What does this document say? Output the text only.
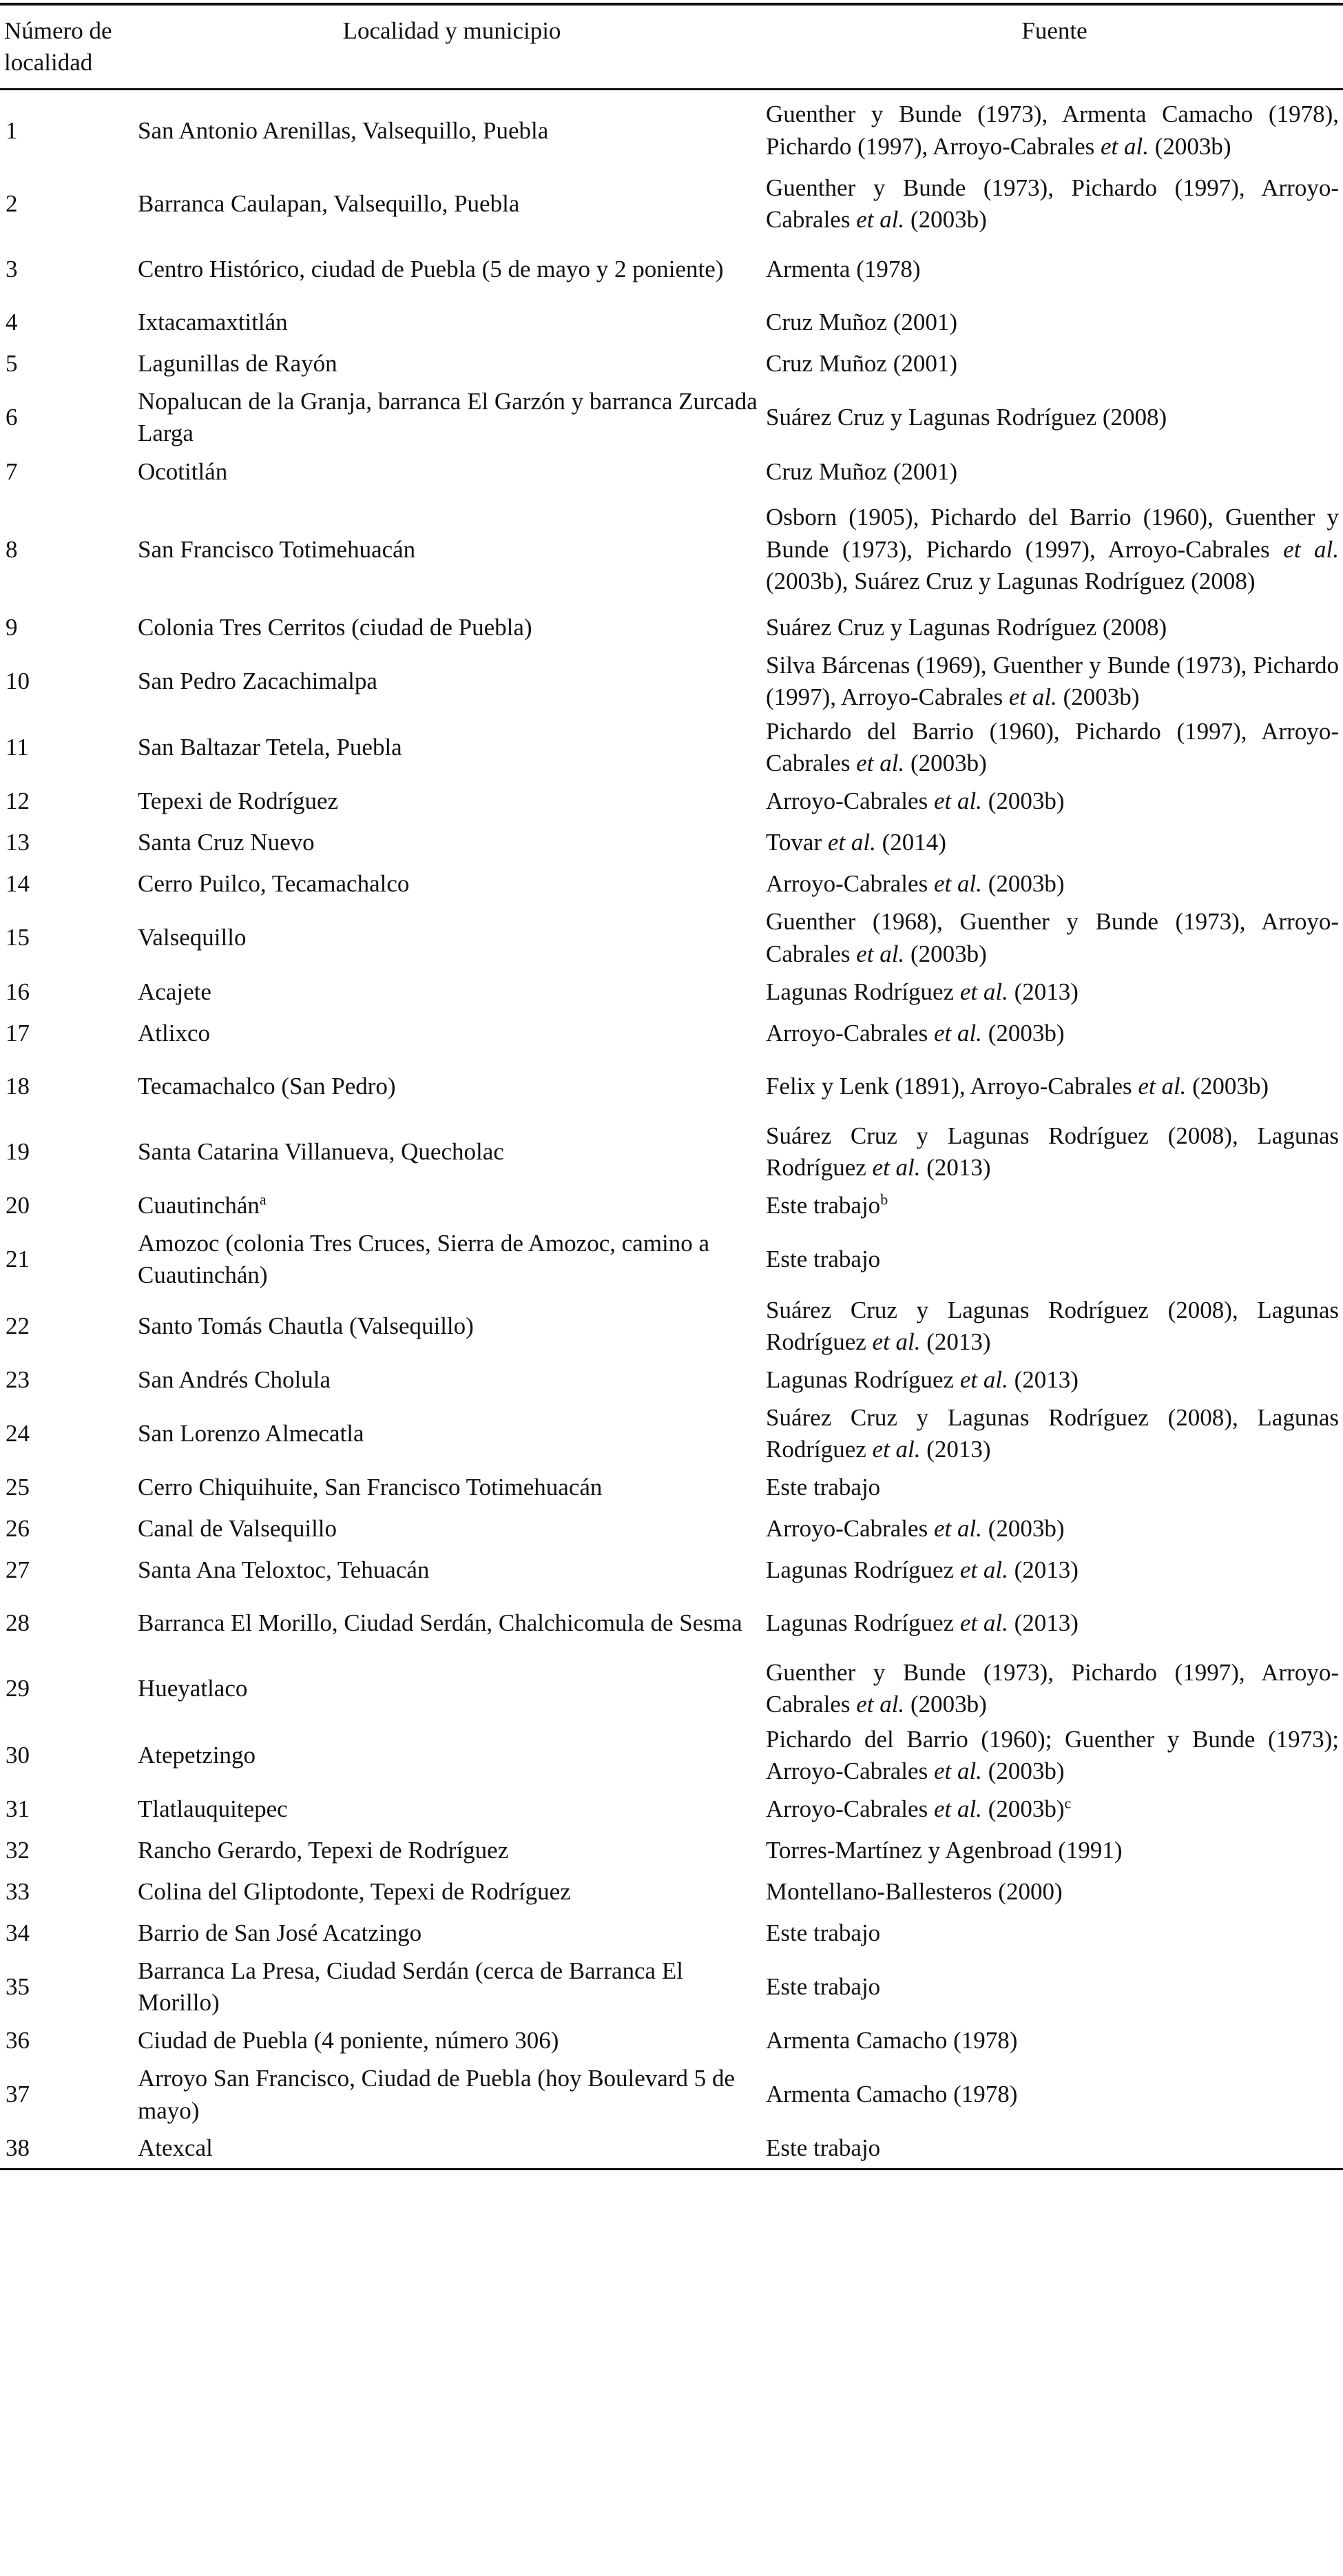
Número de localidad	Localidad y municipio	Fuente
1	San Antonio Arenillas, Valsequillo, Puebla	Guenther y Bunde (1973), Armenta Camacho (1978), Pichardo (1997), Arroyo-Cabrales et al. (2003b)
2	Barranca Caulapan, Valsequillo, Puebla	Guenther y Bunde (1973), Pichardo (1997), Arroyo-Cabrales et al. (2003b)
3	Centro Histórico, ciudad de Puebla (5 de mayo y 2 poniente)	Armenta (1978)
4	Ixtacamaxtitlán	Cruz Muñoz (2001)
5	Lagunillas de Rayón	Cruz Muñoz (2001)
6	Nopalucan de la Granja, barranca El Garzón y barranca Zurcada Larga	Suárez Cruz y Lagunas Rodríguez (2008)
7	Ocotitlán	Cruz Muñoz (2001)
8	San Francisco Totimehuacán	Osborn (1905), Pichardo del Barrio (1960), Guenther y Bunde (1973), Pichardo (1997), Arroyo-Cabrales et al. (2003b), Suárez Cruz y Lagunas Rodríguez (2008)
9	Colonia Tres Cerritos (ciudad de Puebla)	Suárez Cruz y Lagunas Rodríguez (2008)
10	San Pedro Zacachimalpa	Silva Bárcenas (1969), Guenther y Bunde (1973), Pichardo (1997), Arroyo-Cabrales et al. (2003b)
11	San Baltazar Tetela, Puebla	Pichardo del Barrio (1960), Pichardo (1997), Arroyo-Cabrales et al. (2003b)
12	Tepexi de Rodríguez	Arroyo-Cabrales et al. (2003b)
13	Santa Cruz Nuevo	Tovar et al. (2014)
14	Cerro Puilco, Tecamachalco	Arroyo-Cabrales et al. (2003b)
15	Valsequillo	Guenther (1968), Guenther y Bunde (1973), Arroyo-Cabrales et al. (2003b)
16	Acajete	Lagunas Rodríguez et al. (2013)
17	Atlixco	Arroyo-Cabrales et al. (2003b)
18	Tecamachalco (San Pedro)	Felix y Lenk (1891), Arroyo-Cabrales et al. (2003b)
19	Santa Catarina Villanueva, Quecholac	Suárez Cruz y Lagunas Rodríguez (2008), Lagunas Rodríguez et al. (2013)
20	Cuautinchán$^a$	Este trabajo$^b$
21	Amozoc (colonia Tres Cruces, Sierra de Amozoc, camino a Cuautinchán)	Este trabajo
22	Santo Tomás Chautla (Valsequillo)	Suárez Cruz y Lagunas Rodríguez (2008), Lagunas Rodríguez et al. (2013)
23	San Andrés Cholula	Lagunas Rodríguez et al. (2013)
24	San Lorenzo Almecatla	Suárez Cruz y Lagunas Rodríguez (2008), Lagunas Rodríguez et al. (2013)
25	Cerro Chiquihuite, San Francisco Totimehuacán	Este trabajo
26	Canal de Valsequillo	Arroyo-Cabrales et al. (2003b)
27	Santa Ana Teloxtoc, Tehuacán	Lagunas Rodríguez et al. (2013)
28	Barranca El Morillo, Ciudad Serdán, Chalchicomula de Sesma	Lagunas Rodríguez et al. (2013)
29	Hueyatlaco	Guenther y Bunde (1973), Pichardo (1997), Arroyo-Cabrales et al. (2003b)
30	Atepetzingo	Pichardo del Barrio (1960); Guenther y Bunde (1973); Arroyo-Cabrales et al. (2003b)
31	Tlatlauquitepec	Arroyo-Cabrales et al. $(2003b)^c$
32	Rancho Gerardo, Tepexi de Rodríguez	Torres-Martínez y Agenbroad (1991)
33	Colina del Gliptodonte, Tepexi de Rodríguez	Montellano-Ballesteros (2000)
34	Barrio de San José Acatzingo	Este trabajo
35	Barranca La Presa, Ciudad Serdán (cerca de Barranca El Morillo)	Este trabajo
36	Ciudad de Puebla (4 poniente, número 306)	Armenta Camacho (1978)
37	Arroyo San Francisco, Ciudad de Puebla (hoy Boulevard 5 de mayo)	Armenta Camacho (1978)
38	Atexcal	Este trabajo
